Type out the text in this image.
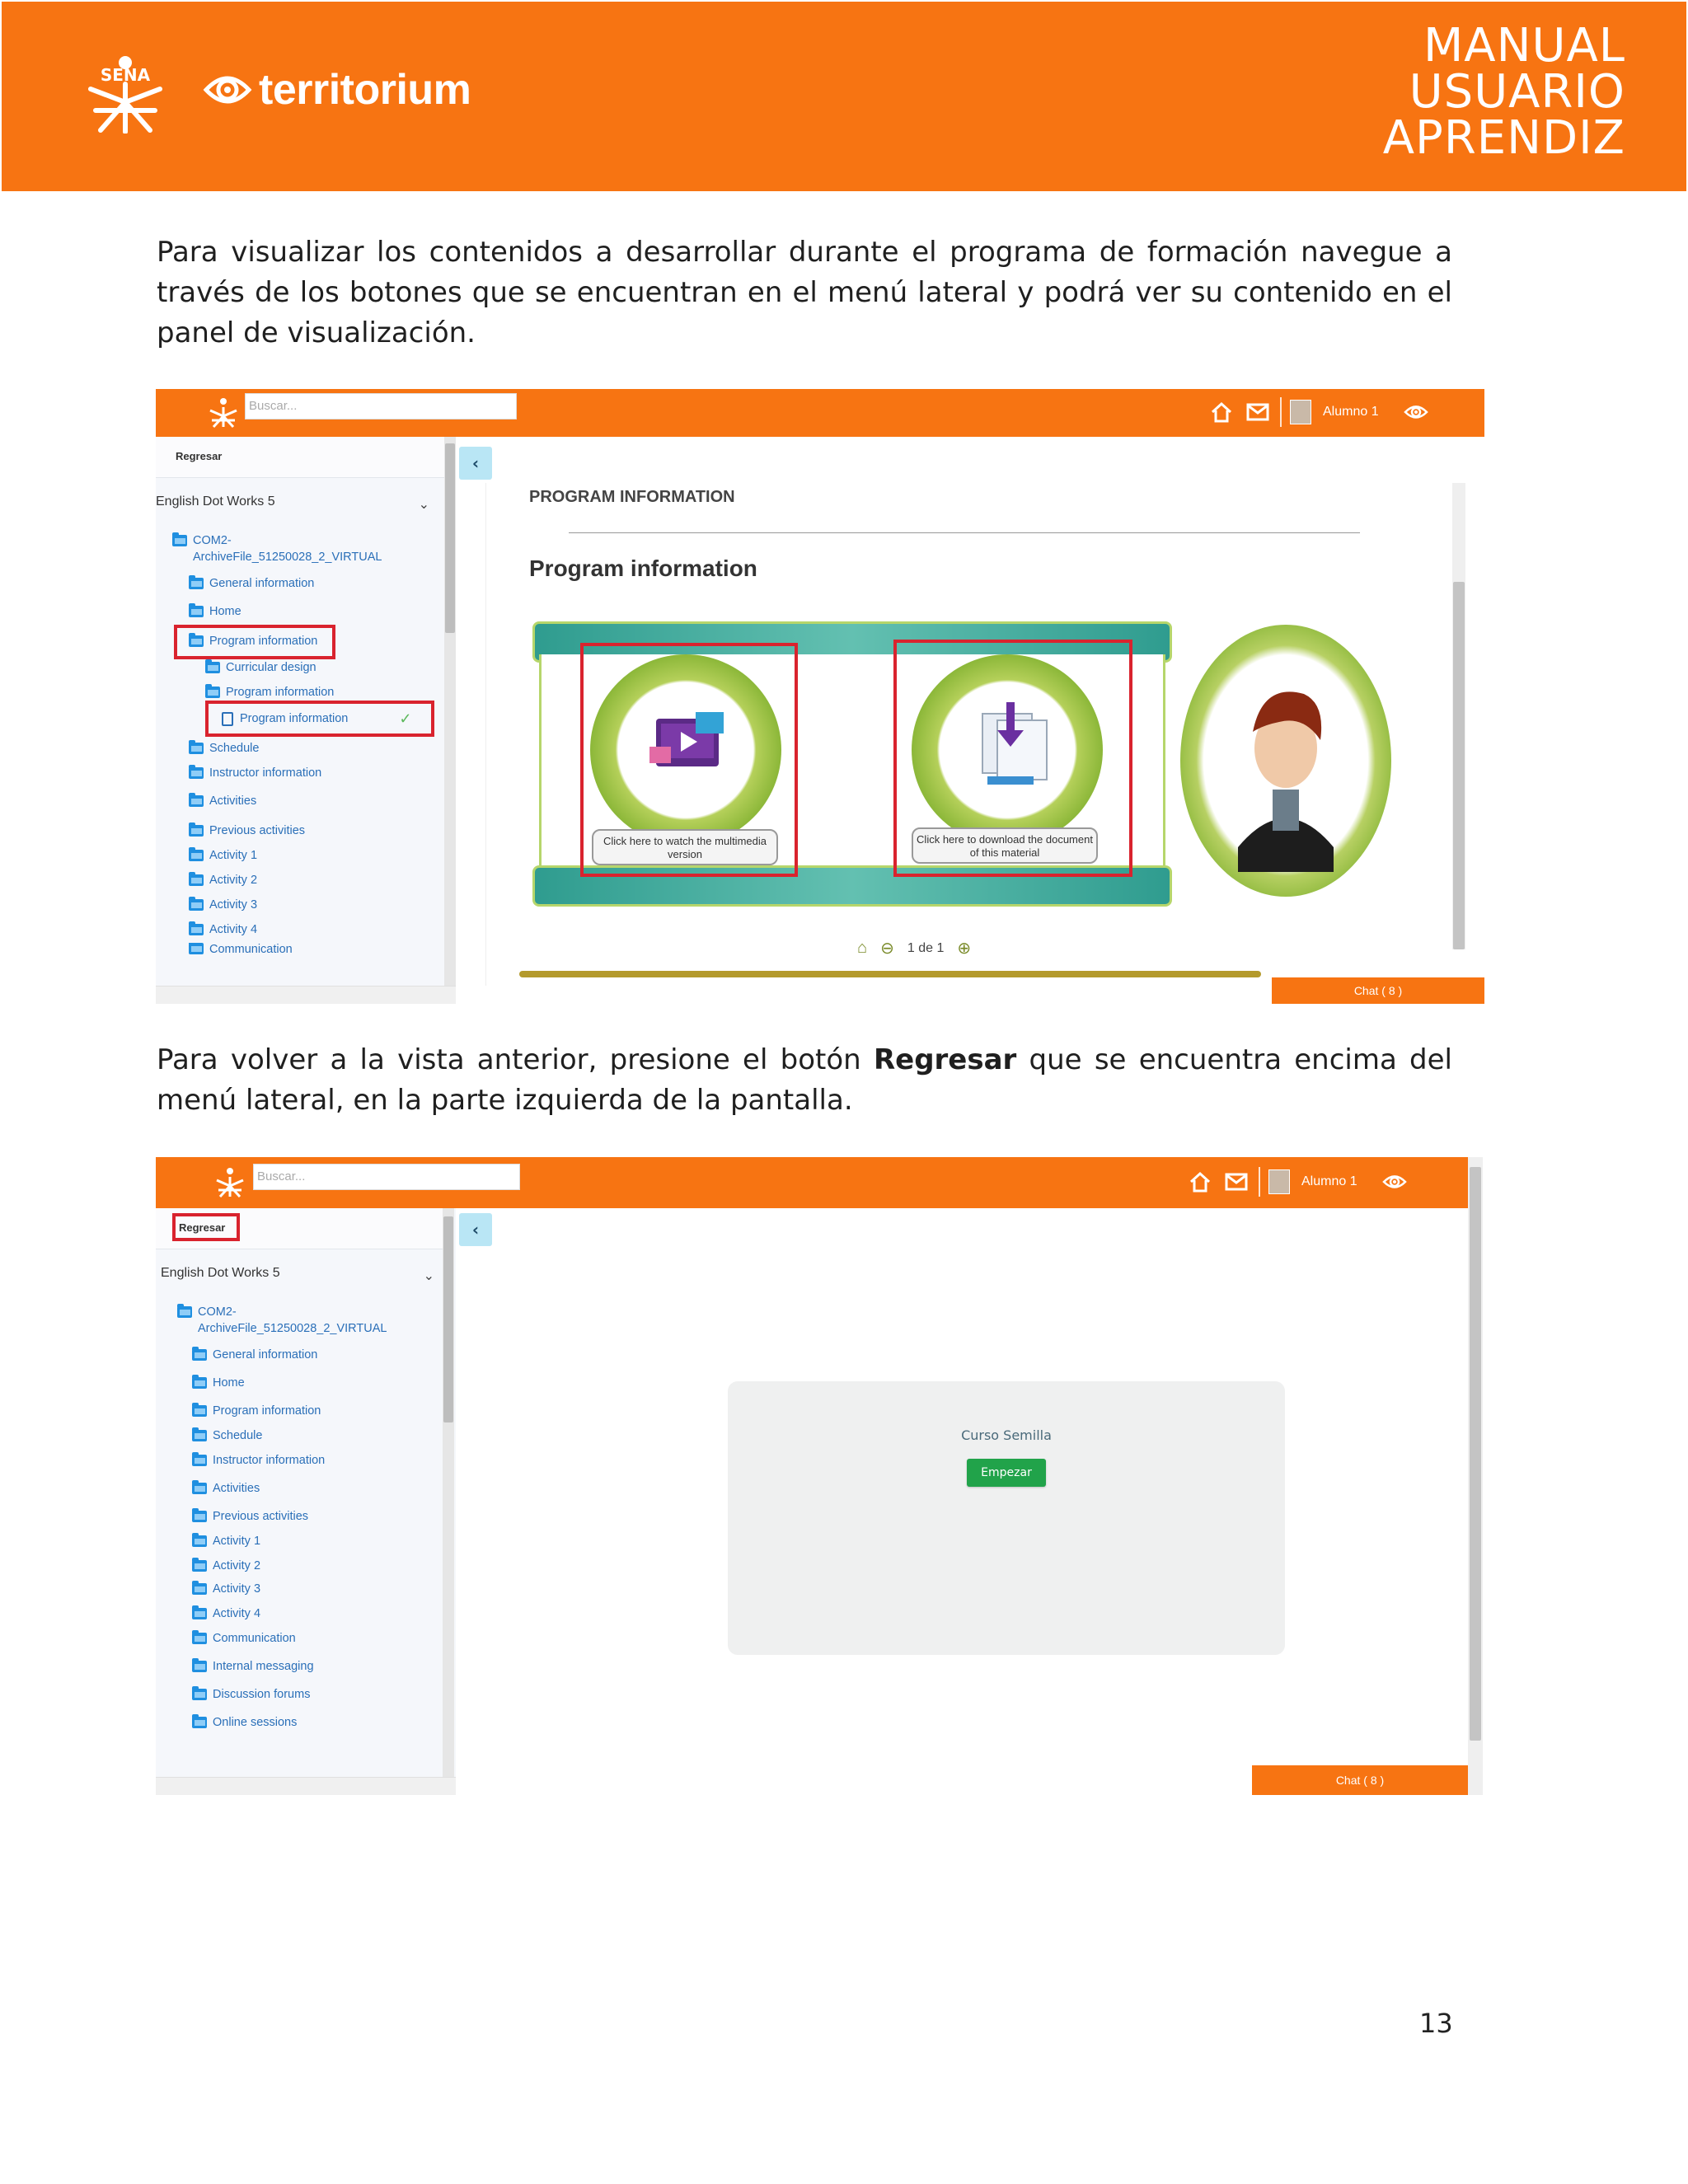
SENA	territorium
MANUAL
USUARIO
APRENDIZ

Para visualizar los contenidos a desarrollar durante el programa de formación navegue a través de los botones que se encuentran en el menú lateral y podrá ver su contenido en el panel de visualización.

Buscar...	Alumno 1
Regresar
English Dot Works 5	⌄
COM2-
ArchiveFile_51250028_2_VIRTUAL
General information
Home
Program information
Curricular design
Program information
Program information	✓
Schedule
Instructor information
Activities
Previous activities
Activity 1
Activity 2
Activity 3
Activity 4
Communication
‹
PROGRAM INFORMATION
Program information
Click here to watch the multimedia version
Click here to download the document of this material
⌂ ⊖ 1 de 1 ⊕
Chat ( 8 )

Para volver a la vista anterior, presione el botón Regresar que se encuentra encima del menú lateral, en la parte izquierda de la pantalla.

Buscar...	Alumno 1
Regresar
English Dot Works 5	⌄
COM2-
ArchiveFile_51250028_2_VIRTUAL
General information
Home
Program information
Schedule
Instructor information
Activities
Previous activities
Activity 1
Activity 2
Activity 3
Activity 4
Communication
Internal messaging
Discussion forums
Online sessions
‹
Curso Semilla
Empezar
Chat ( 8 )
13
